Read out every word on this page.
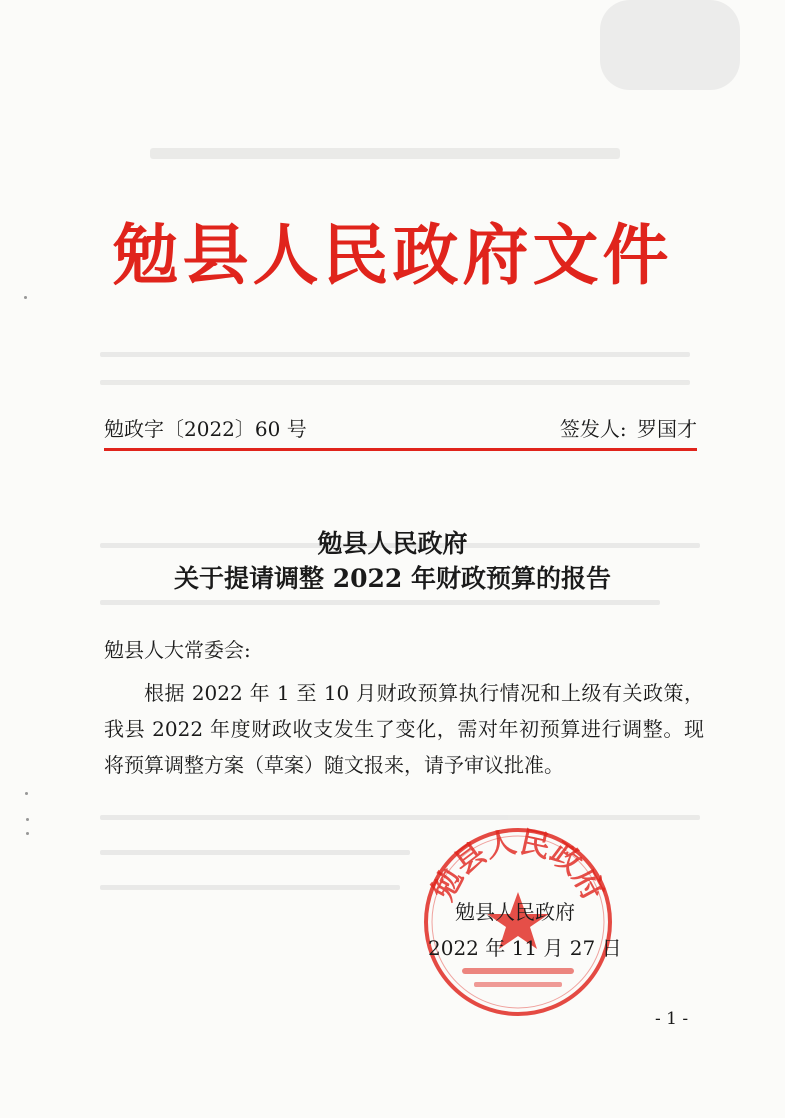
勉县人民政府文件
勉政字〔2022〕60 号	签发人: 罗国才
勉县人民政府
关于提请调整 2022 年财政预算的报告
勉县人大常委会:
根据 2022 年 1 至 10 月财政预算执行情况和上级有关政策，我县 2022 年度财政收支发生了变化，需对年初预算进行调整。现将预算调整方案（草案）随文报来，请予审议批准。
勉县人民政府
勉县人民政府
2022 年 11 月 27 日
- 1 -
